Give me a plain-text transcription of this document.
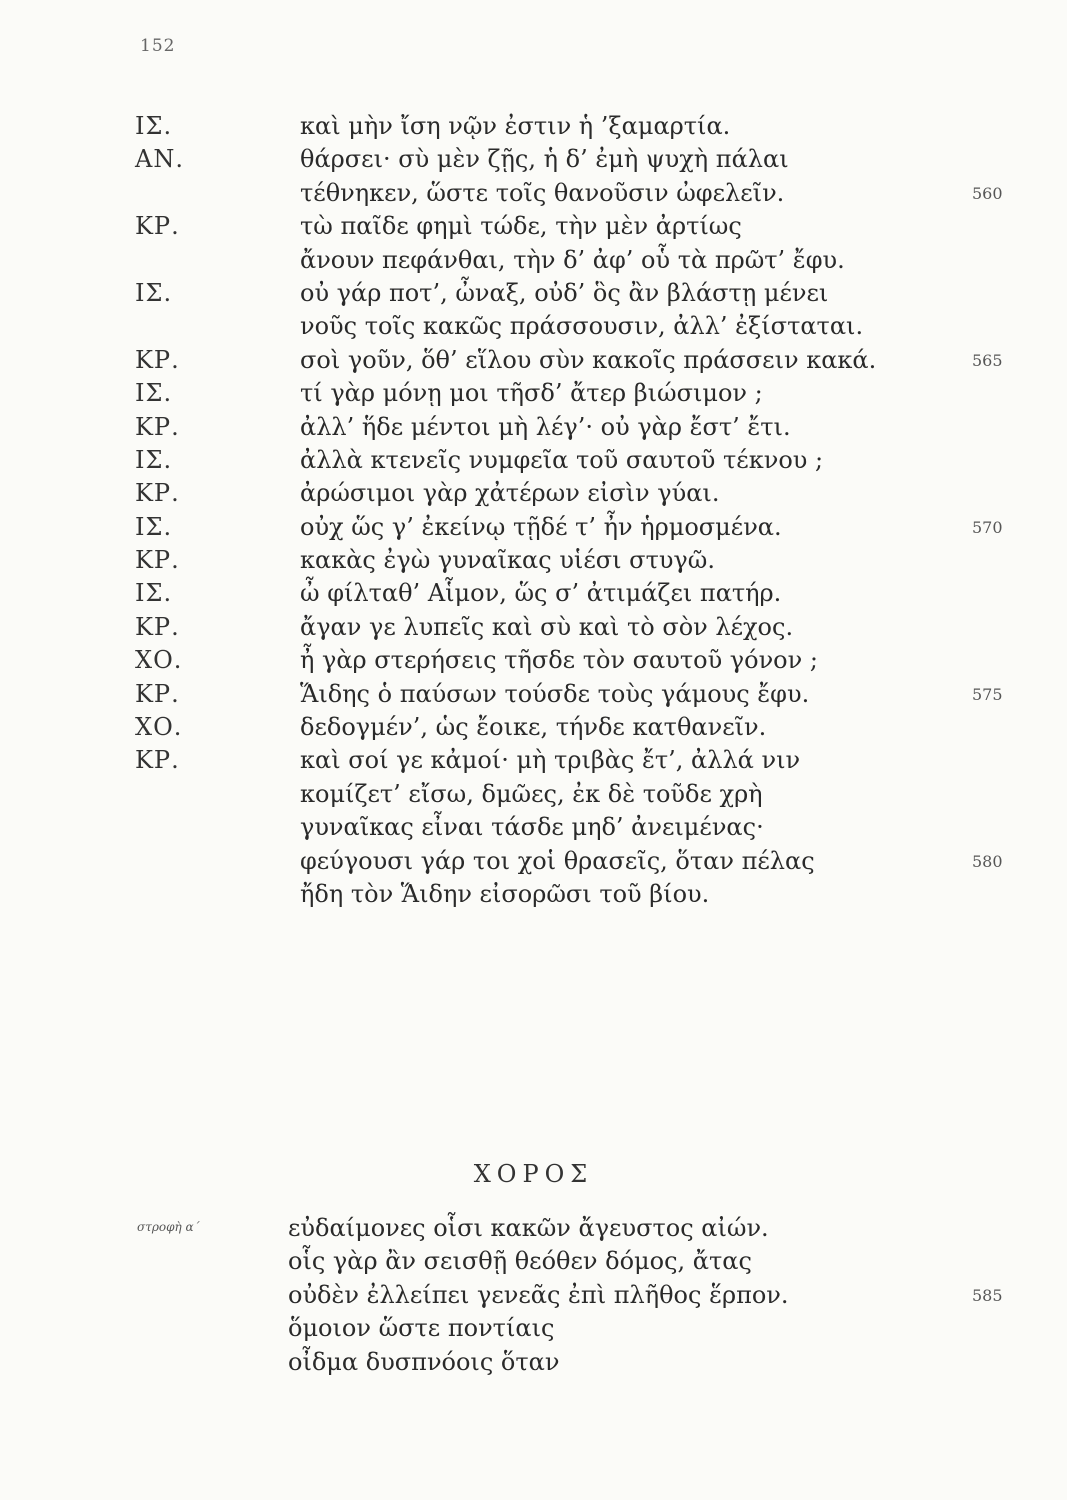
152
ΙΣ.	καὶ μὴν ἴση νῷν ἐστιν ἡ ’ξαμαρτία.
ΑΝ.	θάρσει· σὺ μὲν ζῇς, ἡ δ’ ἐμὴ ψυχὴ πάλαι
τέθνηκεν, ὥστε τοῖς θανοῦσιν ὠφελεῖν.	560
ΚΡ.	τὼ παῖδε φημὶ τώδε, τὴν μὲν ἀρτίως
ἄνουν πεφάνθαι, τὴν δ’ ἀφ’ οὗ τὰ πρῶτ’ ἔφυ.
ΙΣ.	οὐ γάρ ποτ’, ὦναξ, οὐδ’ ὃς ἂν βλάστῃ μένει
νοῦς τοῖς κακῶς πράσσουσιν, ἀλλ’ ἐξίσταται.
ΚΡ.	σοὶ γοῦν, ὅθ’ εἵλου σὺν κακοῖς πράσσειν κακά.	565
ΙΣ.	τί γὰρ μόνῃ μοι τῆσδ’ ἄτερ βιώσιμον ;
ΚΡ.	ἀλλ’ ἥδε μέντοι μὴ λέγ’· οὐ γὰρ ἔστ’ ἔτι.
ΙΣ.	ἀλλὰ κτενεῖς νυμφεῖα τοῦ σαυτοῦ τέκνου ;
ΚΡ.	ἀρώσιμοι γὰρ χἀτέρων εἰσὶν γύαι.
ΙΣ.	οὐχ ὥς γ’ ἐκείνῳ τῇδέ τ’ ἦν ἡρμοσμένα.	570
ΚΡ.	κακὰς ἐγὼ γυναῖκας υἱέσι στυγῶ.
ΙΣ.	ὦ φίλταθ’ Αἷμον, ὥς σ’ ἀτιμάζει πατήρ.
ΚΡ.	ἄγαν γε λυπεῖς καὶ σὺ καὶ τὸ σὸν λέχος.
ΧΟ.	ἦ γὰρ στερήσεις τῆσδε τὸν σαυτοῦ γόνον ;
ΚΡ.	Ἅιδης ὁ παύσων τούσδε τοὺς γάμους ἔφυ.	575
ΧΟ.	δεδογμέν’, ὡς ἔοικε, τήνδε κατθανεῖν.
ΚΡ.	καὶ σοί γε κἀμοί· μὴ τριβὰς ἔτ’, ἀλλά νιν
κομίζετ’ εἴσω, δμῶες, ἐκ δὲ τοῦδε χρὴ
γυναῖκας εἶναι τάσδε μηδ’ ἀνειμένας·
φεύγουσι γάρ τοι χοἱ θρασεῖς, ὅταν πέλας	580
ἤδη τὸν Ἅιδην εἰσορῶσι τοῦ βίου.
ΧΟΡΟΣ
στροφὴ α΄	εὐδαίμονες οἷσι κακῶν ἄγευστος αἰών.
οἷς γὰρ ἂν σεισθῇ θεόθεν δόμος, ἄτας
οὐδὲν ἐλλείπει γενεᾶς ἐπὶ πλῆθος ἕρπον.	585
ὅμοιον ὥστε ποντίαις
οἶδμα δυσπνόοις ὅταν
